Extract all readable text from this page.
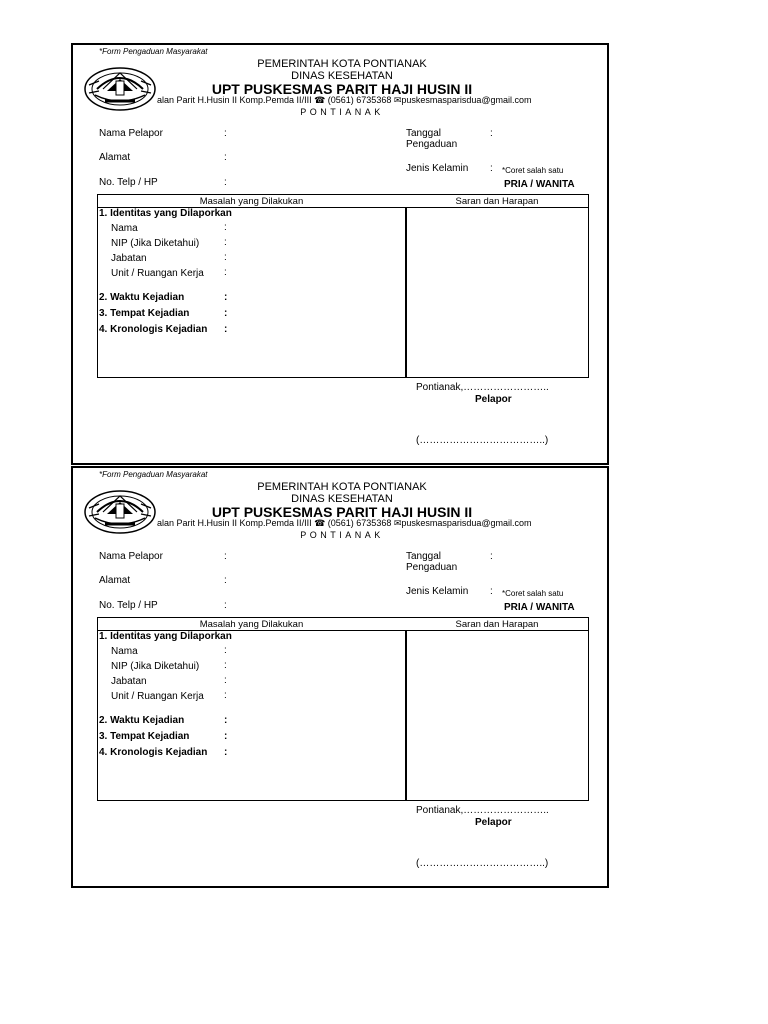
*Form Pengaduan Masyarakat
PEMERINTAH KOTA PONTIANAK
DINAS KESEHATAN
UPT PUSKESMAS PARIT HAJI HUSIN II
alan Parit H.Husin II Komp.Pemda II/III ☎ (0561) 6735368 ✉puskesmasparisdua@gmail.com
PONTIANAK
Nama Pelapor	:
Alamat	:
No. Telp / HP	:
Tanggal
Pengaduan
:
Jenis Kelamin : *Coret salah satu
PRIA / WANITA
Masalah yang Dilakukan	Saran dan Harapan
1. Identitas yang Dilaporkan
Nama	:
NIP (Jika Diketahui) :
Jabatan	:
Unit / Ruangan Kerja :
2. Waktu Kejadian	:
3. Tempat Kejadian	:
4. Kronologis Kejadian :
Pontianak,……………………..
Pelapor
(………………………………..)
*Form Pengaduan Masyarakat
PEMERINTAH KOTA PONTIANAK
DINAS KESEHATAN
UPT PUSKESMAS PARIT HAJI HUSIN II
alan Parit H.Husin II Komp.Pemda II/III ☎ (0561) 6735368 ✉puskesmasparisdua@gmail.com
PONTIANAK
Nama Pelapor	:
Alamat	:
No. Telp / HP	:
Tanggal
Pengaduan
:
Jenis Kelamin : *Coret salah satu
PRIA / WANITA
Masalah yang Dilakukan	Saran dan Harapan
1. Identitas yang Dilaporkan
Nama	:
NIP (Jika Diketahui) :
Jabatan	:
Unit / Ruangan Kerja :
2. Waktu Kejadian	:
3. Tempat Kejadian	:
4. Kronologis Kejadian :
Pontianak,……………………..
Pelapor
(………………………………..)
